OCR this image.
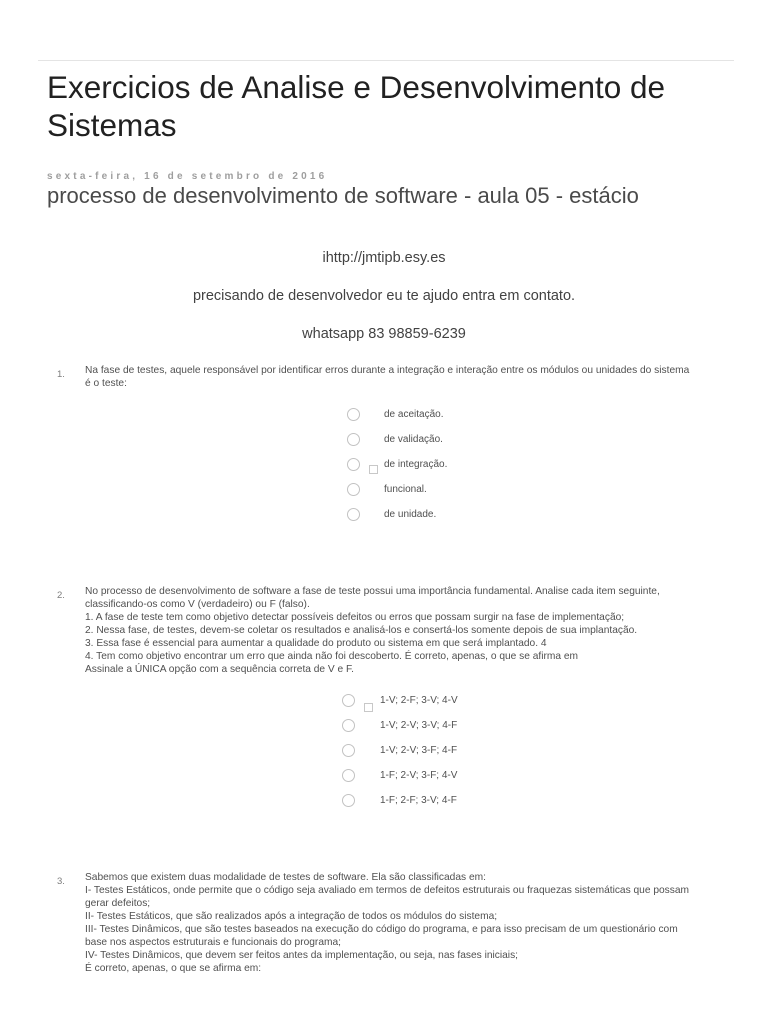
Exercicios de Analise e Desenvolvimento de Sistemas
sexta-feira, 16 de setembro de 2016
processo de desenvolvimento de software - aula 05 - estácio

ihttp://jmtipb.esy.es

precisando de desenvolvedor eu te ajudo entra em contato.

whatsapp 83 98859-6239

1. Na fase de testes, aquele responsável por identificar erros durante a integração e interação entre os módulos ou unidades do sistema
é o teste:
de aceitação.
de validação.
de integração.
funcional.
de unidade.
2. No processo de desenvolvimento de software a fase de teste possui uma importância fundamental. Analise cada item seguinte,
classificando-os como V (verdadeiro) ou F (falso).
1. A fase de teste tem como objetivo detectar possíveis defeitos ou erros que possam surgir na fase de implementação;
2. Nessa fase, de testes, devem-se coletar os resultados e analisá-los e consertá-los somente depois de sua implantação.
3. Essa fase é essencial para aumentar a qualidade do produto ou sistema em que será implantado. 4
4. Tem como objetivo encontrar um erro que ainda não foi descoberto. É correto, apenas, o que se afirma em
Assinale a ÚNICA opção com a sequência correta de V e F.
1-V; 2-F; 3-V; 4-V
1-V; 2-V; 3-V; 4-F
1-V; 2-V; 3-F; 4-F
1-F; 2-V; 3-F; 4-V
1-F; 2-F; 3-V; 4-F
3. Sabemos que existem duas modalidade de testes de software. Ela são classificadas em:
I- Testes Estáticos, onde permite que o código seja avaliado em termos de defeitos estruturais ou fraquezas sistemáticas que possam
gerar defeitos;
II- Testes Estáticos, que são realizados após a integração de todos os módulos do sistema;
III- Testes Dinâmicos, que são testes baseados na execução do código do programa, e para isso precisam de um questionário com
base nos aspectos estruturais e funcionais do programa;
IV- Testes Dinâmicos, que devem ser feitos antes da implementação, ou seja, nas fases iniciais;
É correto, apenas, o que se afirma em:
